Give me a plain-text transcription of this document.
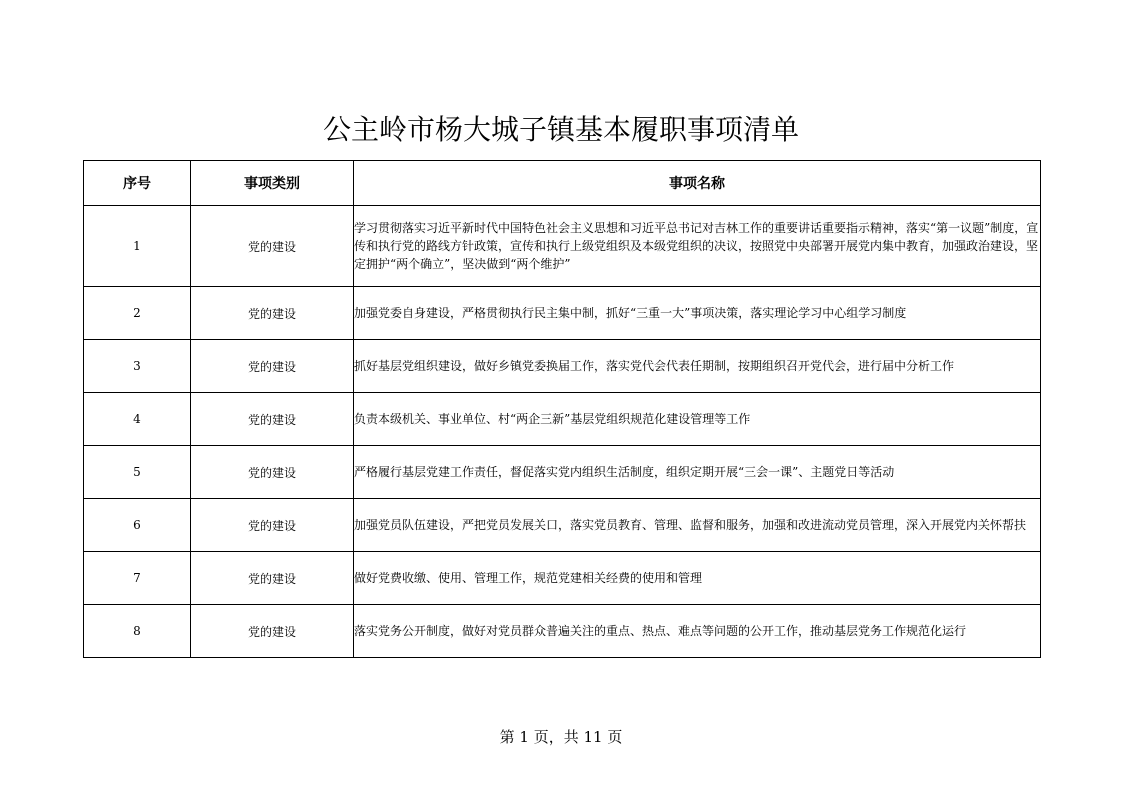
公主岭市杨大城子镇基本履职事项清单
序号	事项类别	事项名称
1	党的建设	学习贯彻落实习近平新时代中国特色社会主义思想和习近平总书记对吉林工作的重要讲话重要指示精神，落实“第一议题”制度，宣传和执行党的路线方针政策，宣传和执行上级党组织及本级党组织的决议，按照党中央部署开展党内集中教育，加强政治建设，坚定拥护“两个确立”，坚决做到“两个维护”
2	党的建设	加强党委自身建设，严格贯彻执行民主集中制，抓好“三重一大”事项决策，落实理论学习中心组学习制度
3	党的建设	抓好基层党组织建设，做好乡镇党委换届工作，落实党代会代表任期制，按期组织召开党代会，进行届中分析工作
4	党的建设	负责本级机关、事业单位、村“两企三新”基层党组织规范化建设管理等工作
5	党的建设	严格履行基层党建工作责任，督促落实党内组织生活制度，组织定期开展“三会一课”、主题党日等活动
6	党的建设	加强党员队伍建设，严把党员发展关口，落实党员教育、管理、监督和服务，加强和改进流动党员管理，深入开展党内关怀帮扶
7	党的建设	做好党费收缴、使用、管理工作，规范党建相关经费的使用和管理
8	党的建设	落实党务公开制度，做好对党员群众普遍关注的重点、热点、难点等问题的公开工作，推动基层党务工作规范化运行
第 1 页，共 11 页
